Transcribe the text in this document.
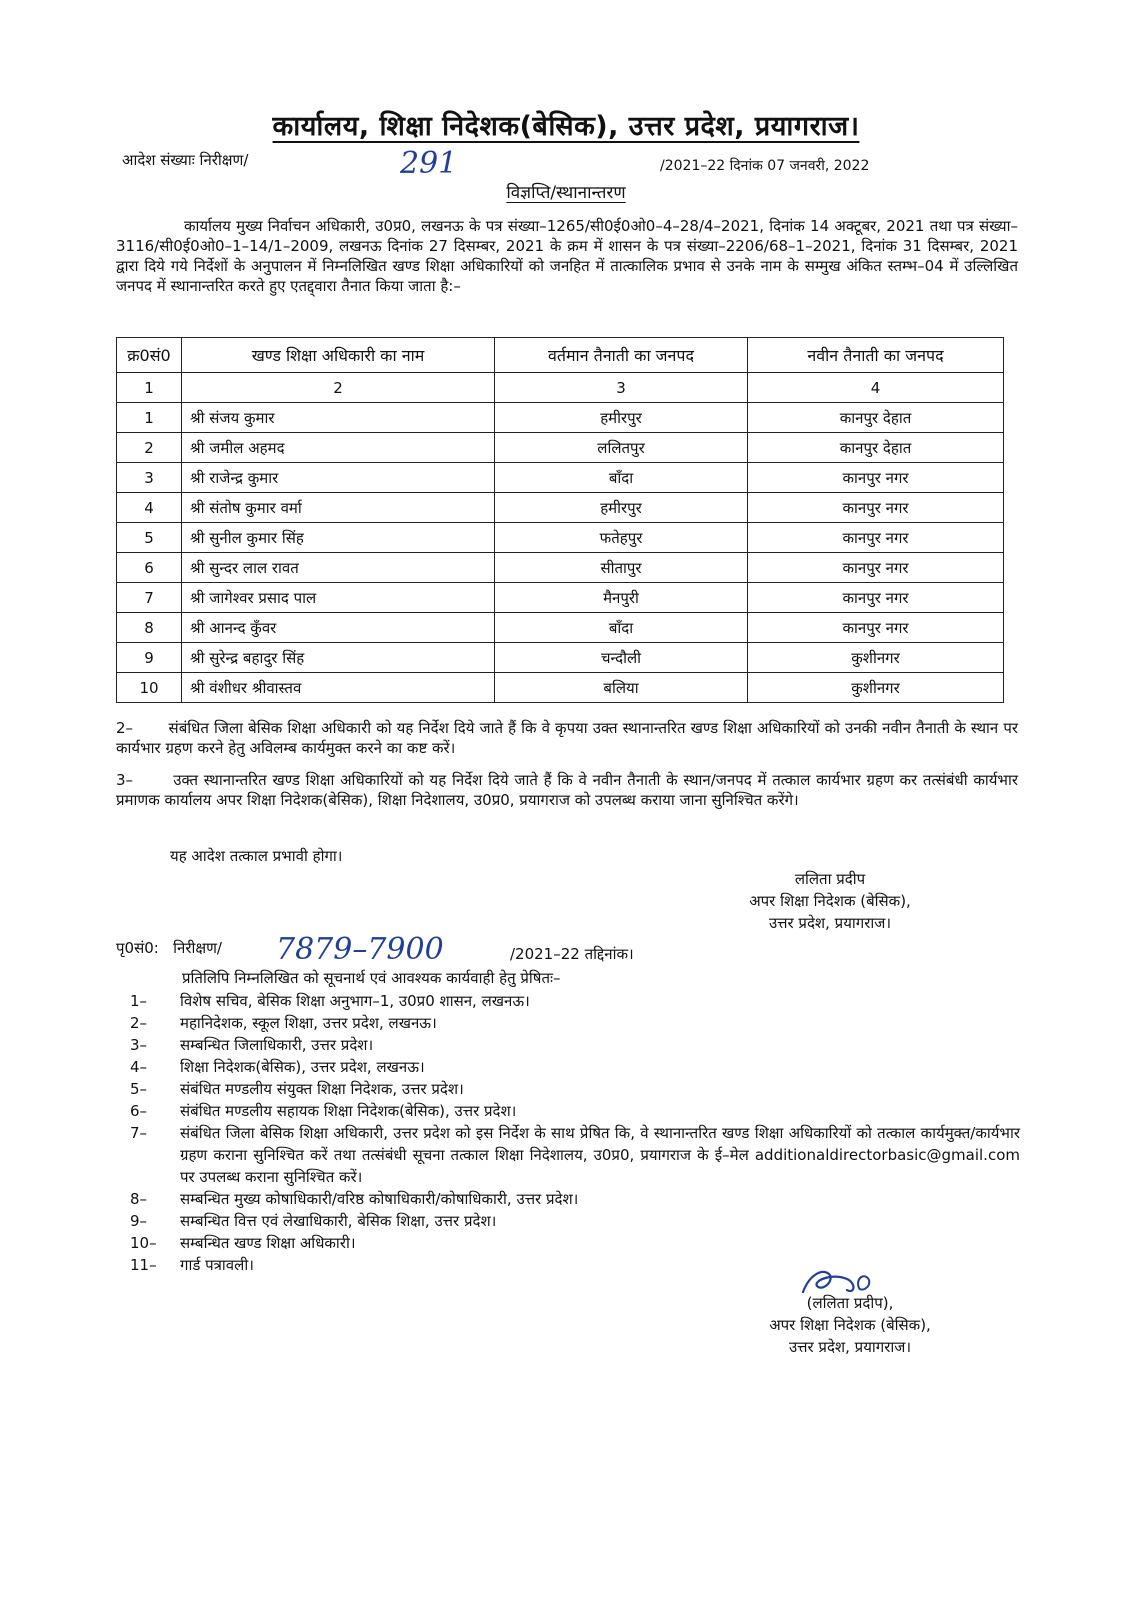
कार्यालय, शिक्षा निदेशक(बेसिक), उत्तर प्रदेश, प्रयागराज।
आदेश संख्याः निरीक्षण/	291	/2021–22 दिनांक 07 जनवरी, 2022
विज्ञप्ति/स्थानान्तरण
कार्यालय मुख्य निर्वाचन अधिकारी, उ0प्र0, लखनऊ के पत्र संख्या–1265/सी0ई0ओ0–4–28/4–2021, दिनांक 14 अक्टूबर, 2021 तथा पत्र संख्या–3116/सी0ई0ओ0–1–14/1–2009, लखनऊ दिनांक 27 दिसम्बर, 2021 के क्रम में शासन के पत्र संख्या–2206/68–1–2021, दिनांक 31 दिसम्बर, 2021 द्वारा दिये गये निर्देशों के अनुपालन में निम्नलिखित खण्ड शिक्षा अधिकारियों को जनहित में तात्कालिक प्रभाव से उनके नाम के सम्मुख अंकित स्तम्भ–04 में उल्लिखित जनपद में स्थानान्तरित करते हुए एतद्द्वारा तैनात किया जाता है:–
क्र0सं0	खण्ड शिक्षा अधिकारी का नाम	वर्तमान तैनाती का जनपद	नवीन तैनाती का जनपद
1	2	3	4
1	श्री संजय कुमार	हमीरपुर	कानपुर देहात
2	श्री जमील अहमद	ललितपुर	कानपुर देहात
3	श्री राजेन्द्र कुमार	बाँदा	कानपुर नगर
4	श्री संतोष कुमार वर्मा	हमीरपुर	कानपुर नगर
5	श्री सुनील कुमार सिंह	फतेहपुर	कानपुर नगर
6	श्री सुन्दर लाल रावत	सीतापुर	कानपुर नगर
7	श्री जागेश्वर प्रसाद पाल	मैनपुरी	कानपुर नगर
8	श्री आनन्द कुँवर	बाँदा	कानपुर नगर
9	श्री सुरेन्द्र बहादुर सिंह	चन्दौली	कुशीनगर
10	श्री वंशीधर श्रीवास्तव	बलिया	कुशीनगर
2–       संबंधित जिला बेसिक शिक्षा अधिकारी को यह निर्देश दिये जाते हैं कि वे कृपया उक्त स्थानान्तरित खण्ड शिक्षा अधिकारियों को उनकी नवीन तैनाती के स्थान पर कार्यभार ग्रहण करने हेतु अविलम्ब कार्यमुक्त करने का कष्ट करें।
3–       उक्त स्थानान्तरित खण्ड शिक्षा अधिकारियों को यह निर्देश दिये जाते हैं कि वे नवीन तैनाती के स्थान/जनपद में तत्काल कार्यभार ग्रहण कर तत्संबंधी कार्यभार प्रमाणक कार्यालय अपर शिक्षा निदेशक(बेसिक), शिक्षा निदेशालय, उ0प्र0, प्रयागराज को उपलब्ध कराया जाना सुनिश्चित करेंगे।
यह आदेश तत्काल प्रभावी होगा।
ललिता प्रदीप
अपर शिक्षा निदेशक (बेसिक),
उत्तर प्रदेश, प्रयागराज।
पृ0सं0:   निरीक्षण/ 7879–7900	/2021–22 तद्दिनांक।
प्रतिलिपि निम्नलिखित को सूचनार्थ एवं आवश्यक कार्यवाही हेतु प्रेषितः–
1–	विशेष सचिव, बेसिक शिक्षा अनुभाग–1, उ0प्र0 शासन, लखनऊ।
2–	महानिदेशक, स्कूल शिक्षा, उत्तर प्रदेश, लखनऊ।
3–	सम्बन्धित जिलाधिकारी, उत्तर प्रदेश।
4–	शिक्षा निदेशक(बेसिक), उत्तर प्रदेश, लखनऊ।
5–	संबंधित मण्डलीय संयुक्त शिक्षा निदेशक, उत्तर प्रदेश।
6–	संबंधित मण्डलीय सहायक शिक्षा निदेशक(बेसिक), उत्तर प्रदेश।
7–	संबंधित जिला बेसिक शिक्षा अधिकारी, उत्तर प्रदेश को इस निर्देश के साथ प्रेषित कि, वे स्थानान्तरित खण्ड शिक्षा अधिकारियों को तत्काल कार्यमुक्त/कार्यभार ग्रहण कराना सुनिश्चित करें तथा तत्संबंधी सूचना तत्काल शिक्षा निदेशालय, उ0प्र0, प्रयागराज के ई–मेल additionaldirectorbasic@gmail.com पर उपलब्ध कराना सुनिश्चित करें।
8–	सम्बन्धित मुख्य कोषाधिकारी/वरिष्ठ कोषाधिकारी/कोषाधिकारी, उत्तर प्रदेश।
9–	सम्बन्धित वित्त एवं लेखाधिकारी, बेसिक शिक्षा, उत्तर प्रदेश।
10–	सम्बन्धित खण्ड शिक्षा अधिकारी।
11–	गार्ड पत्रावली।
(ललिता प्रदीप),
अपर शिक्षा निदेशक (बेसिक),
उत्तर प्रदेश, प्रयागराज।
